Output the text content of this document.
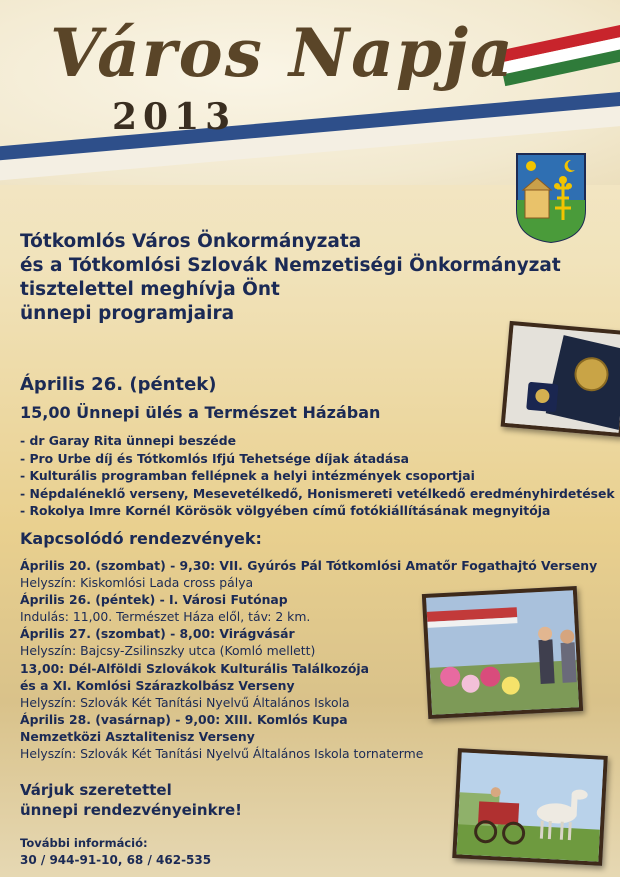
Város Napja
2013
Tótkomlós Város Önkormányzata
és a Tótkomlósi Szlovák Nemzetiségi Önkormányzat
tisztelettel meghívja Önt
ünnepi programjaira
Április 26. (péntek)
15,00 Ünnepi ülés a Természet Házában
- dr Garay Rita ünnepi beszéde
- Pro Urbe díj és Tótkomlós Ifjú Tehetsége díjak átadása
- Kulturális programban fellépnek a helyi intézmények csoportjai
- Népdaléneklő verseny, Mesevetélkedő, Honismereti vetélkedő eredményhirdetések
- Rokolya Imre Kornél Körösök völgyében című fotókiállításának megnyitója
Kapcsolódó rendezvények:
Április 20. (szombat) - 9,30: VII. Gyúrós Pál Tótkomlósi Amatőr Fogathajtó Verseny
Helyszín: Kiskomlósi Lada cross pálya
Április 26. (péntek) - I. Városi Futónap
Indulás: 11,00. Természet Háza elől, táv: 2 km.
Április 27. (szombat) - 8,00: Virágvásár
Helyszín: Bajcsy-Zsilinszky utca (Komló mellett)
13,00: Dél-Alföldi Szlovákok Kulturális Találkozója
és a XI. Komlósi Szárazkolbász Verseny
Helyszín: Szlovák Két Tanítási Nyelvű Általános Iskola
Április 28. (vasárnap) - 9,00: XIII. Komlós Kupa
Nemzetközi Asztalitenisz Verseny
Helyszín: Szlovák Két Tanítási Nyelvű Általános Iskola tornaterme
Várjuk szeretettel
ünnepi rendezvényeinkre!
További információ:
30 / 944-91-10, 68 / 462-535
